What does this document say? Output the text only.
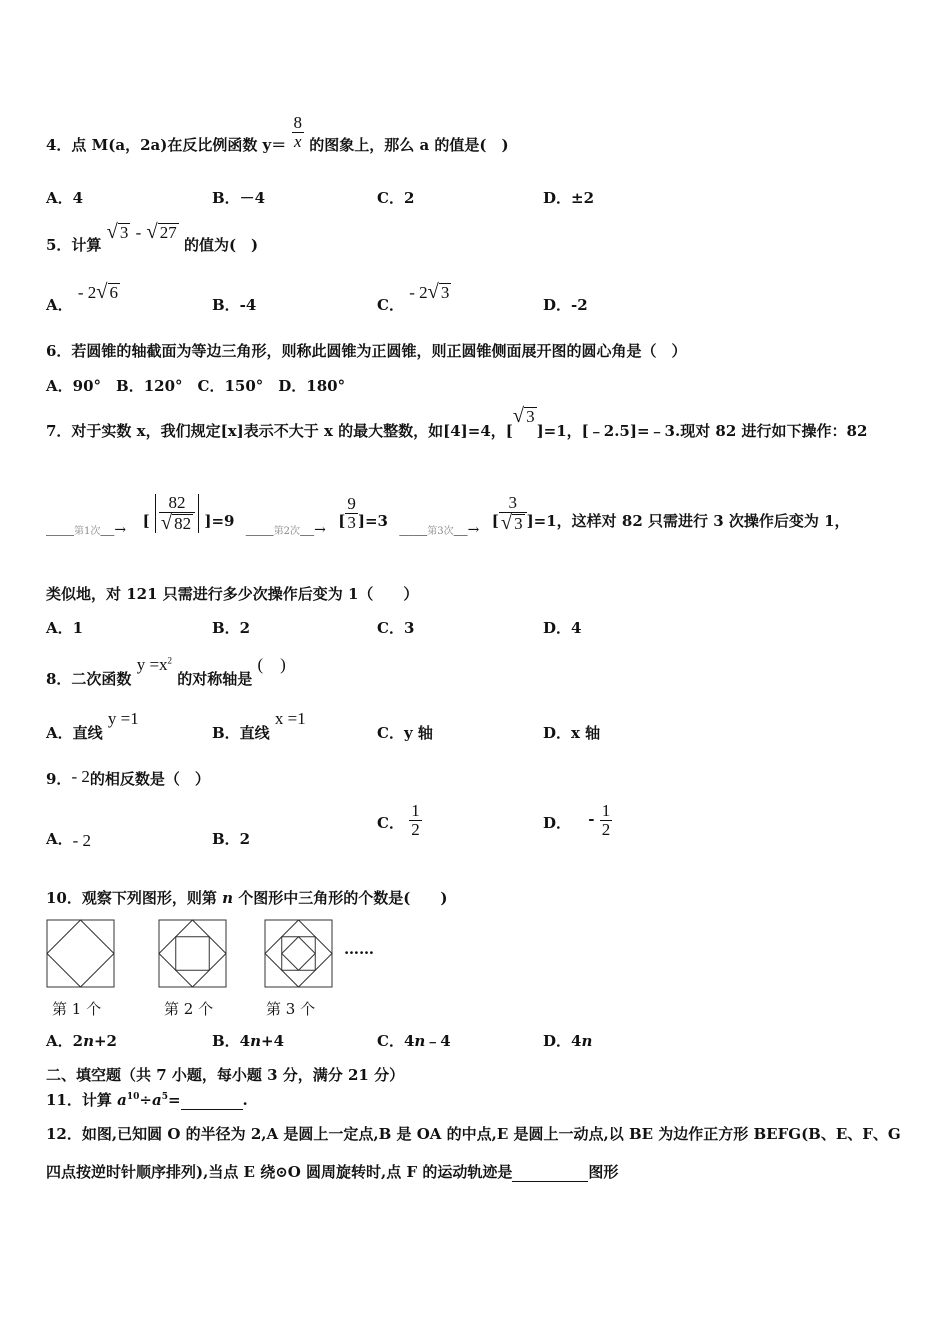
4．点 M(a，2a)在反比例函数 $y= \frac{8}{x}$ 的图象上，那么 a 的值是(　)
A．4	B．－4	C．2	D．±2
5．计算
√ 3 - √ 27
的值为(　)
A． - 2 √ 6
B．-4	C． - 2 √ 3
D．-2
6．若圆锥的轴截面为等边三角形，则称此圆锥为正圆锥，则正圆锥侧面展开图的圆心角是（　）
A．90°　B．120°　C．150°　D．180°
7．对于实数 x，我们规定[x]表示不大于 x 的最大整数，如[4]=4，[
√ 3
]=1，[﹣2.5]=﹣3.现对 82 进行如下操作：82
＿＿第1次＿→ [ $\frac{82}{√ 82} ]=9$ ＿＿第2次＿→ [ $\frac{9}{3} ]=3$ ＿＿第3次＿→ [ $\frac{3}{√ 3} ]=1$，这样对 82 只需进行 3 次操作后变为 1，
类似地，对 121 只需进行多少次操作后变为 1（　　）
A．1	B．2	C．3	D．4
8．二次函数 $y =x^2$ 的对称轴是 (　)
A．直线 y =1
B．直线 x =1
C．y 轴	D．x 轴
9．- 2的相反数是（　）
A．- 2	B．2
C． $\frac{1}{2}$	D． - $\frac{1}{2}$
10．观察下列图形，则第 n 个图形中三角形的个数是(　　)
……
第 1 个	第 2 个	第 3 个
A．2n+2	B．4n+4	C．4n﹣4	D．4n
二、填空题（共 7 小题，每小题 3 分，满分 21 分）
11．计算 $a^{10}\div a^5=$	.
12．如图,已知圆 O 的半径为 2,A 是圆上一定点,B 是 OA 的中点,E 是圆上一动点,以 BE 为边作正方形 BEFG(B、E、F、G
四点按逆时针顺序排列),当点 E 绕⊙O 圆周旋转时,点 F 的运动轨迹是	图形
